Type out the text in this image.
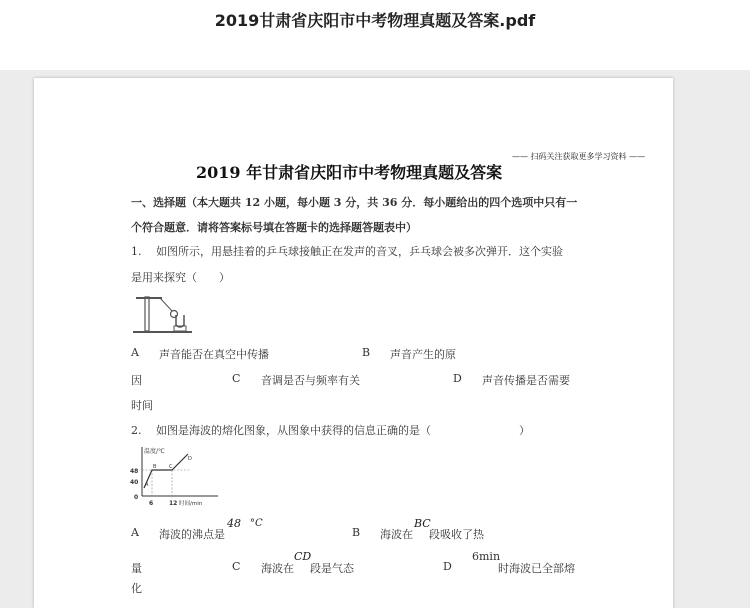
2019甘肃省庆阳市中考物理真题及答案.pdf
—— 扫码关注获取更多学习资料 ——
2019 年甘肃省庆阳市中考物理真题及答案
一、选择题（本大题共 12 小题，每小题 3 分，共 36 分．每小题给出的四个选项中只有一
个符合题意．请将答案标号填在答题卡的选择题答题表中）
1.　 如图所示，用悬挂着的乒乓球接触正在发声的音叉，乒乓球会被多次弹开．这个实验
是用来探究（　　）
A 声音能否在真空中传播	B 声音产生的原
因	C 音调是否与频率有关	D 声音传播是否需要
时间
2.　 如图是海波的熔化图象，从图象中获得的信息正确的是（　　　　　　　　）
温度/℃
48
40
0
6	12 时间/min
A
B	C
D
A 海波的沸点是
48 °C
B 海波在
BC
段吸收了热
量	C 海波在
CD
段是气态	D
6min
时海波已全部熔
化
